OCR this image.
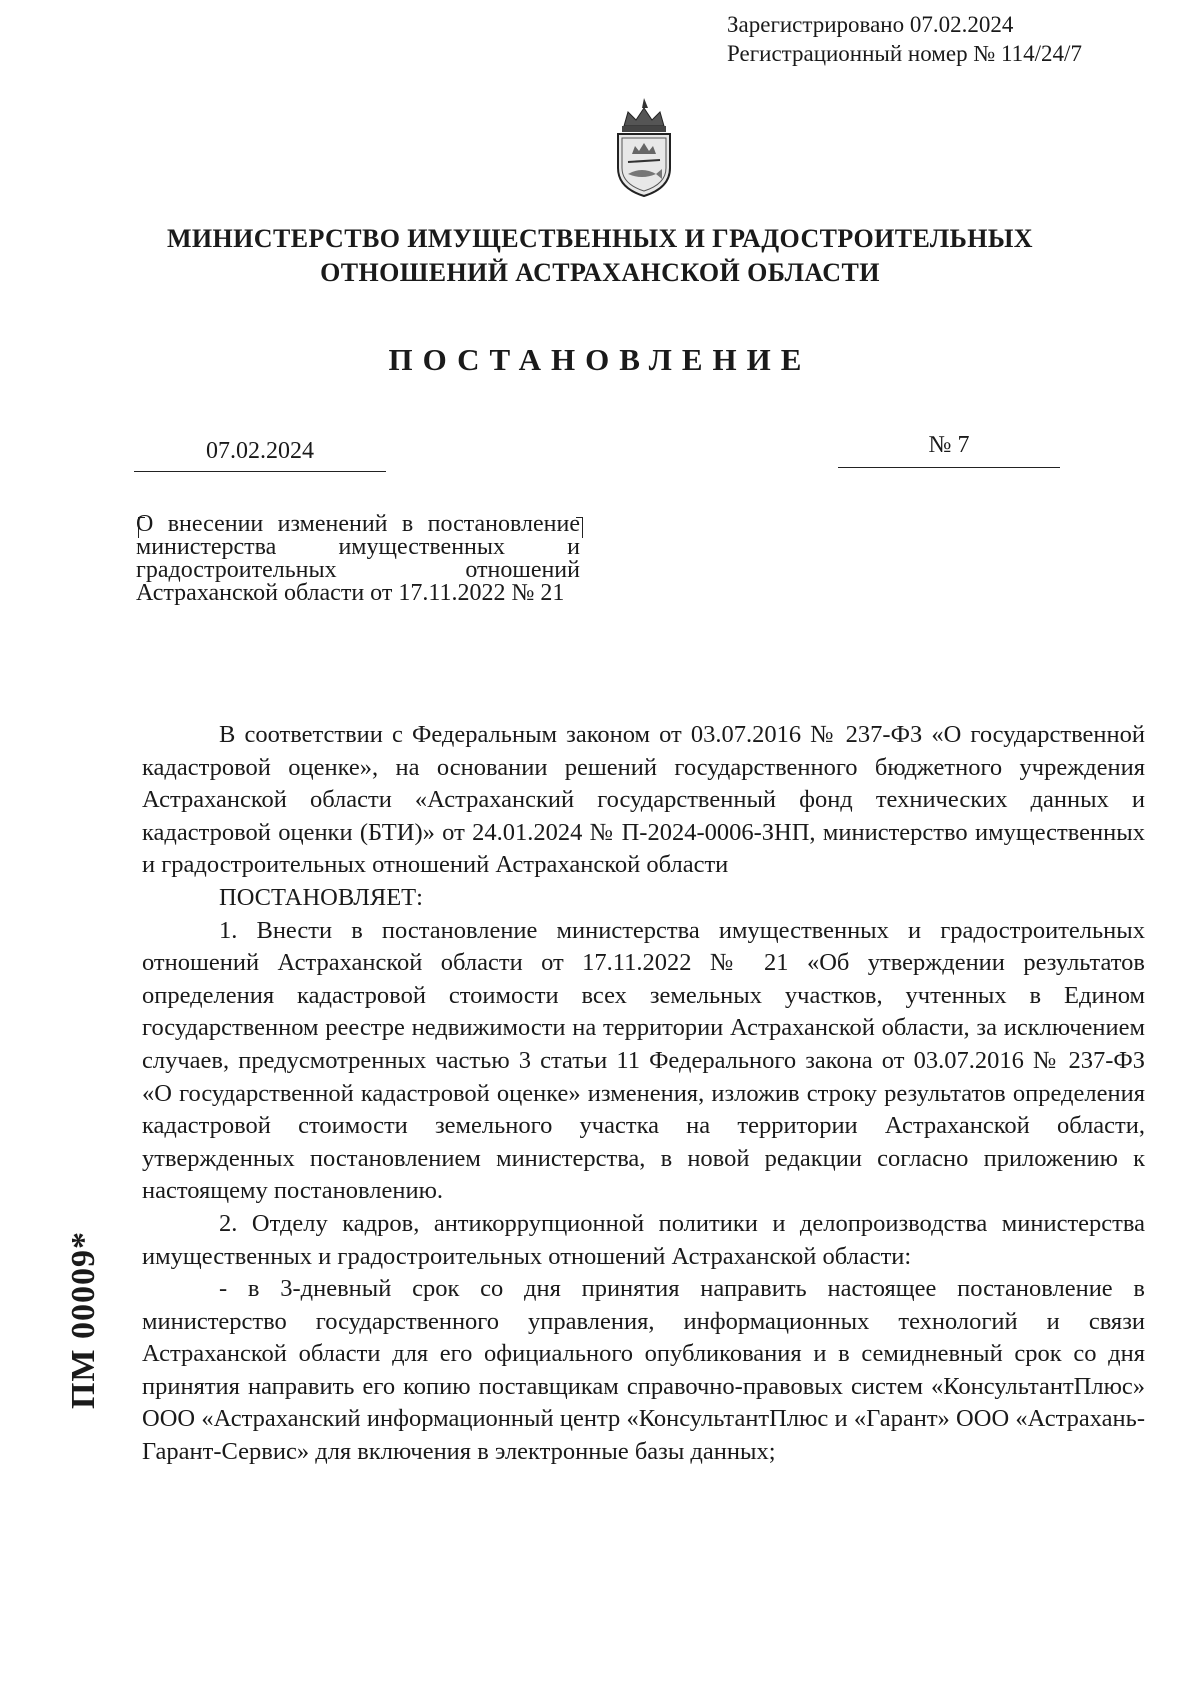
Зарегистрировано 07.02.2024
Регистрационный номер № 114/24/7
МИНИСТЕРСТВО ИМУЩЕСТВЕННЫХ И ГРАДОСТРОИТЕЛЬНЫХ
ОТНОШЕНИЙ АСТРАХАНСКОЙ ОБЛАСТИ
ПОСТАНОВЛЕНИЕ
07.02.2024	№ 7

О внесении изменений в постановление министерства имущественных и градостроительных отношений Астраханской области от 17.11.2022 № 21

В соответствии с Федеральным законом от 03.07.2016 № 237-ФЗ «О государственной кадастровой оценке», на основании решений государственного бюджетного учреждения Астраханской области «Астраханский государственный фонд технических данных и кадастровой оценки (БТИ)» от 24.01.2024 № П-2024-0006-ЗНП, министерство имущественных и градостроительных отношений Астраханской области

ПОСТАНОВЛЯЕТ:

1. Внести в постановление министерства имущественных и градостроительных отношений Астраханской области от 17.11.2022 № 21 «Об утверждении результатов определения кадастровой стоимости всех земельных участков, учтенных в Едином государственном реестре недвижимости на территории Астраханской области, за исключением случаев, предусмотренных частью 3 статьи 11 Федерального закона от 03.07.2016 № 237-ФЗ «О государственной кадастровой оценке» изменения, изложив строку результатов определения кадастровой стоимости земельного участка на территории Астраханской области, утвержденных постановлением министерства, в новой редакции согласно приложению к настоящему постановлению.

2. Отделу кадров, антикоррупционной политики и делопроизводства министерства имущественных и градостроительных отношений Астраханской области:

- в 3-дневный срок со дня принятия направить настоящее постановление в министерство государственного управления, информационных технологий и связи Астраханской области для его официального опубликования и в семидневный срок со дня принятия направить его копию поставщикам справочно-правовых систем «КонсультантПлюс» ООО «Астраханский информационный центр «КонсультантПлюс и «Гарант» ООО «Астрахань-Гарант-Сервис» для включения в электронные базы данных;

ПМ 00009*
